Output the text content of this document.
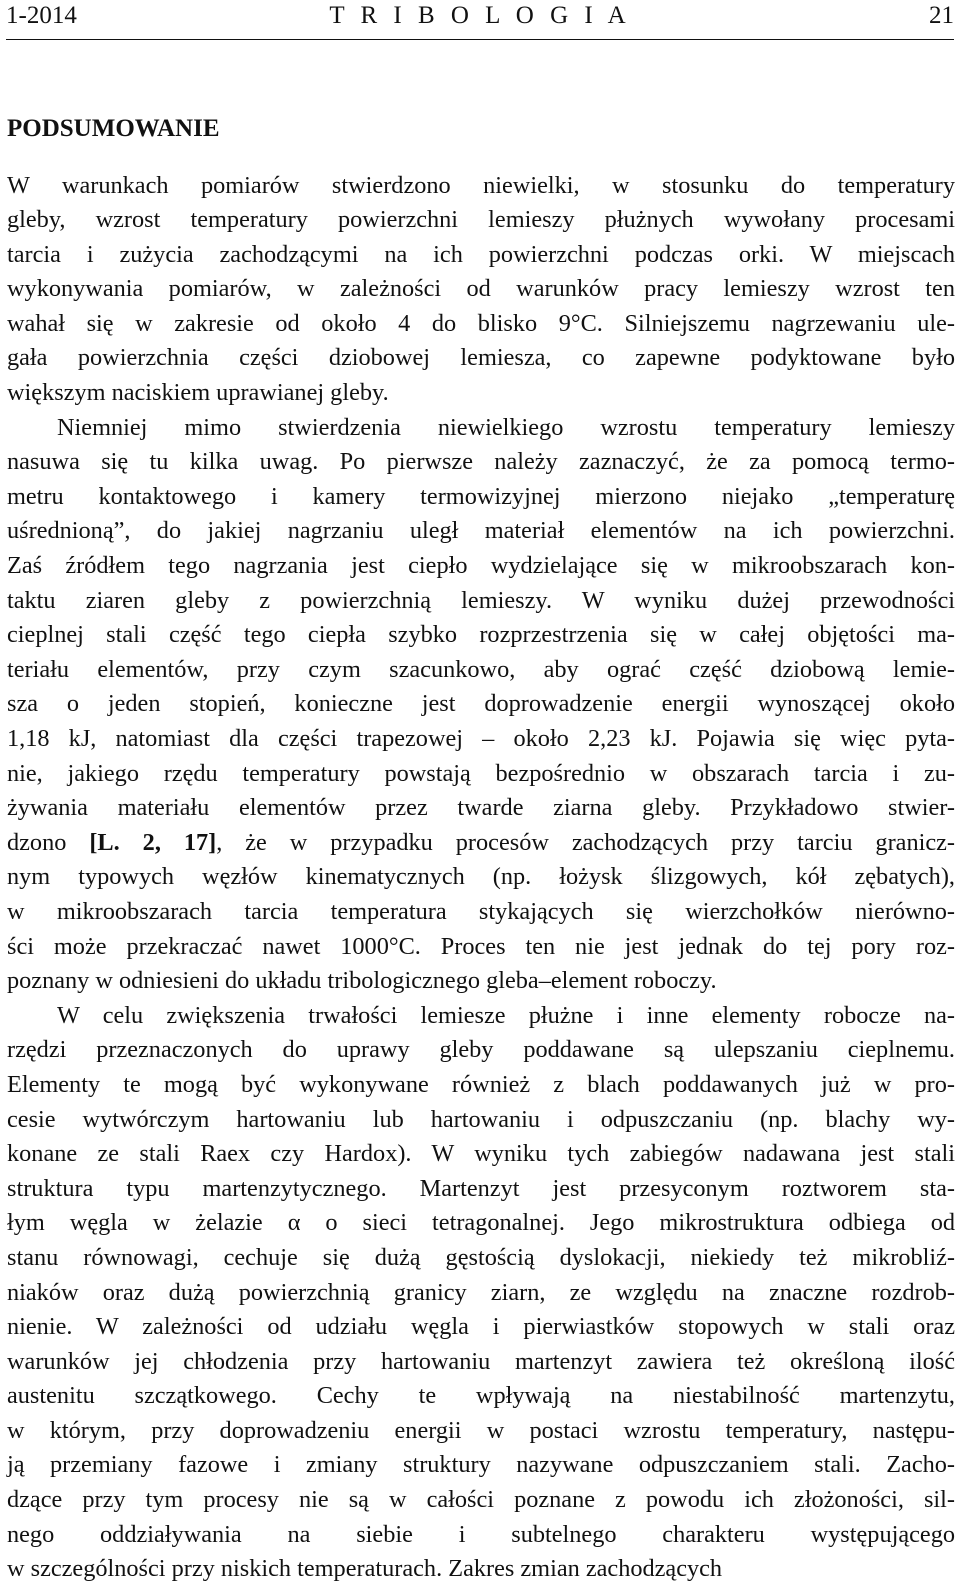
1-2014	T R I B O L O G I A	21
PODSUMOWANIE
W warunkach pomiarów stwierdzono niewielki, w stosunku do temperatury
gleby, wzrost temperatury powierzchni lemieszy płużnych wywołany procesami
tarcia i zużycia zachodzącymi na ich powierzchni podczas orki. W miejscach
wykonywania pomiarów, w zależności od warunków pracy lemieszy wzrost ten
wahał się w zakresie od około 4 do blisko 9°C. Silniejszemu nagrzewaniu ule-
gała powierzchnia części dziobowej lemiesza, co zapewne podyktowane było
większym naciskiem uprawianej gleby.
Niemniej mimo stwierdzenia niewielkiego wzrostu temperatury lemieszy
nasuwa się tu kilka uwag. Po pierwsze należy zaznaczyć, że za pomocą termo-
metru kontaktowego i kamery termowizyjnej mierzono niejako „temperaturę
uśrednioną”, do jakiej nagrzaniu uległ materiał elementów na ich powierzchni.
Zaś źródłem tego nagrzania jest ciepło wydzielające się w mikroobszarach kon-
taktu ziaren gleby z powierzchnią lemieszy. W wyniku dużej przewodności
cieplnej stali część tego ciepła szybko rozprzestrzenia się w całej objętości ma-
teriału elementów, przy czym szacunkowo, aby ograć część dziobową lemie-
sza o jeden stopień, konieczne jest doprowadzenie energii wynoszącej około
1,18 kJ, natomiast dla części trapezowej – około 2,23 kJ. Pojawia się więc pyta-
nie, jakiego rzędu temperatury powstają bezpośrednio w obszarach tarcia i zu-
żywania materiału elementów przez twarde ziarna gleby. Przykładowo stwier-
dzono [L. 2, 17], że w przypadku procesów zachodzących przy tarciu granicz-
nym typowych węzłów kinematycznych (np. łożysk ślizgowych, kół zębatych),
w mikroobszarach tarcia temperatura stykających się wierzchołków nierówno-
ści może przekraczać nawet 1000°C. Proces ten nie jest jednak do tej pory roz-
poznany w odniesieni do układu tribologicznego gleba–element roboczy.
W celu zwiększenia trwałości lemiesze płużne i inne elementy robocze na-
rzędzi przeznaczonych do uprawy gleby poddawane są ulepszaniu cieplnemu.
Elementy te mogą być wykonywane również z blach poddawanych już w pro-
cesie wytwórczym hartowaniu lub hartowaniu i odpuszczaniu (np. blachy wy-
konane ze stali Raex czy Hardox). W wyniku tych zabiegów nadawana jest stali
struktura typu martenzytycznego. Martenzyt jest przesyconym roztworem sta-
łym węgla w żelazie α o sieci tetragonalnej. Jego mikrostruktura odbiega od
stanu równowagi, cechuje się dużą gęstością dyslokacji, niekiedy też mikrobliź-
niaków oraz dużą powierzchnią granicy ziarn, ze względu na znaczne rozdrob-
nienie. W zależności od udziału węgla i pierwiastków stopowych w stali oraz
warunków jej chłodzenia przy hartowaniu martenzyt zawiera też określoną ilość
austenitu szczątkowego. Cechy te wpływają na niestabilność martenzytu,
w którym, przy doprowadzeniu energii w postaci wzrostu temperatury, następu-
ją przemiany fazowe i zmiany struktury nazywane odpuszczaniem stali. Zacho-
dzące przy tym procesy nie są w całości poznane z powodu ich złożoności, sil-
nego oddziaływania na siebie i subtelnego charakteru występującego
w szczególności przy niskich temperaturach. Zakres zmian zachodzących
